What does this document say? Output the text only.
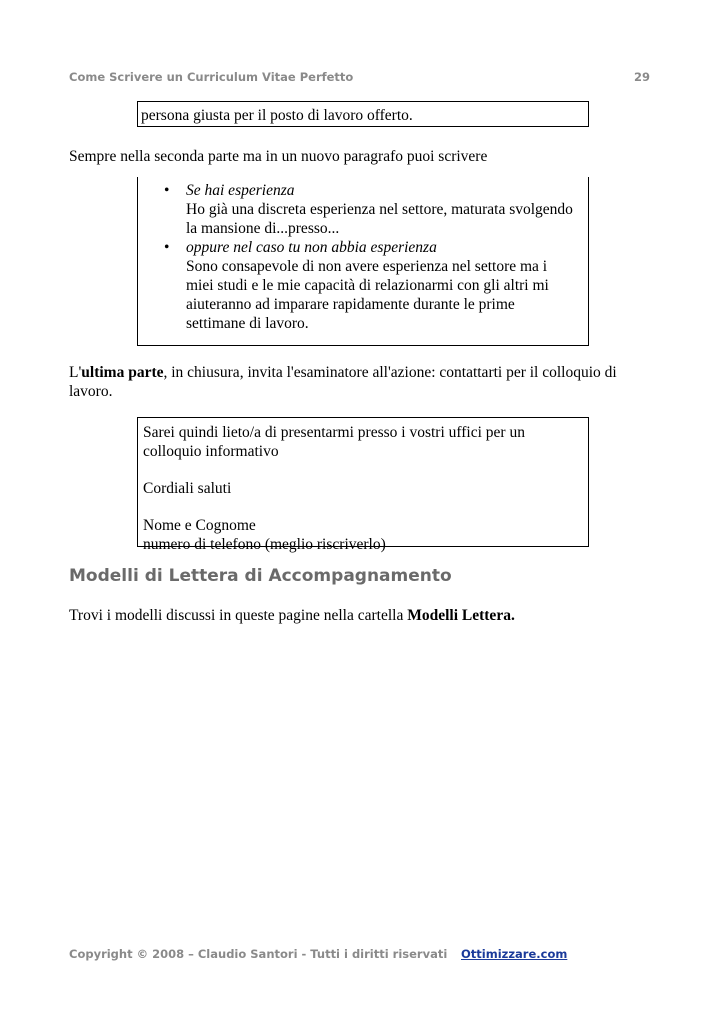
Come Scrivere un Curriculum Vitae Perfetto	29
persona giusta per il posto di lavoro offerto.
Sempre nella seconda parte ma in un nuovo paragrafo puoi scrivere
• Se hai esperienza
Ho già una discreta esperienza nel settore, maturata svolgendo
la mansione di...presso...
• oppure nel caso tu non abbia esperienza
Sono consapevole di non avere esperienza nel settore ma i
miei studi e le mie capacità di relazionarmi con gli altri mi
aiuteranno ad imparare rapidamente durante le prime
settimane di lavoro.
L'ultima parte, in chiusura, invita l'esaminatore all'azione: contattarti per il colloquio di lavoro.
Sarei quindi lieto/a di presentarmi presso i vostri uffici per un
colloquio informativo
Cordiali saluti
Nome e Cognome
numero di telefono (meglio riscriverlo)
Modelli di Lettera di Accompagnamento
Trovi i modelli discussi in queste pagine nella cartella Modelli Lettera.
Copyright © 2008 – Claudio Santori - Tutti i diritti riservati Ottimizzare.com
